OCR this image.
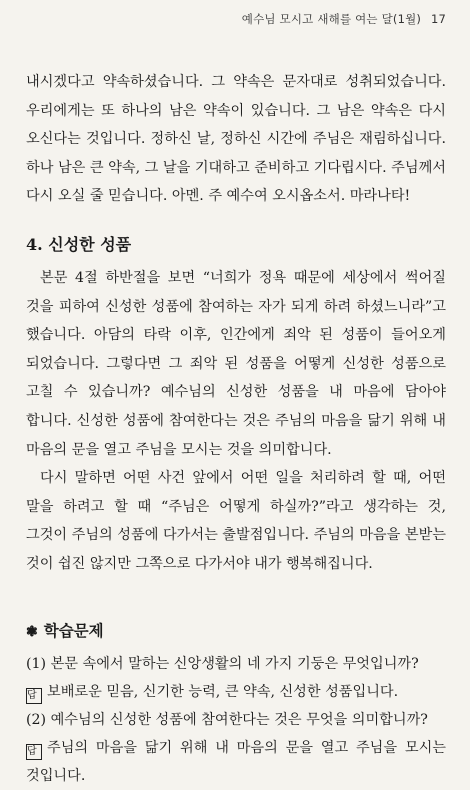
예수님 모시고 새해를 여는 달(1월) 17

내시겠다고 약속하셨습니다. 그 약속은 문자대로 성취되었습니다. 우리에게는 또 하나의 남은 약속이 있습니다. 그 남은 약속은 다시 오신다는 것입니다. 정하신 날, 정하신 시간에 주님은 재림하십니다. 하나 남은 큰 약속, 그 날을 기대하고 준비하고 기다립시다. 주님께서 다시 오실 줄 믿습니다. 아멘. 주 예수여 오시옵소서. 마라나타!

4. 신성한 성품

본문 4절 하반절을 보면 “너희가 정욕 때문에 세상에서 썩어질 것을 피하여 신성한 성품에 참여하는 자가 되게 하려 하셨느니라”고 했습니다. 아담의 타락 이후, 인간에게 죄악 된 성품이 들어오게 되었습니다. 그렇다면 그 죄악 된 성품을 어떻게 신성한 성품으로 고칠 수 있습니까? 예수님의 신성한 성품을 내 마음에 담아야 합니다. 신성한 성품에 참여한다는 것은 주님의 마음을 닮기 위해 내 마음의 문을 열고 주님을 모시는 것을 의미합니다.

다시 말하면 어떤 사건 앞에서 어떤 일을 처리하려 할 때, 어떤 말을 하려고 할 때 “주님은 어떻게 하실까?”라고 생각하는 것, 그것이 주님의 성품에 다가서는 출발점입니다. 주님의 마음을 본받는 것이 쉽진 않지만 그쪽으로 다가서야 내가 행복해집니다.

❃ 학습문제

(1) 본문 속에서 말하는 신앙생활의 네 가지 기둥은 무엇입니까?

답 보배로운 믿음, 신기한 능력, 큰 약속, 신성한 성품입니다.

(2) 예수님의 신성한 성품에 참여한다는 것은 무엇을 의미합니까?

답 주님의 마음을 닮기 위해 내 마음의 문을 열고 주님을 모시는 것입니다.
